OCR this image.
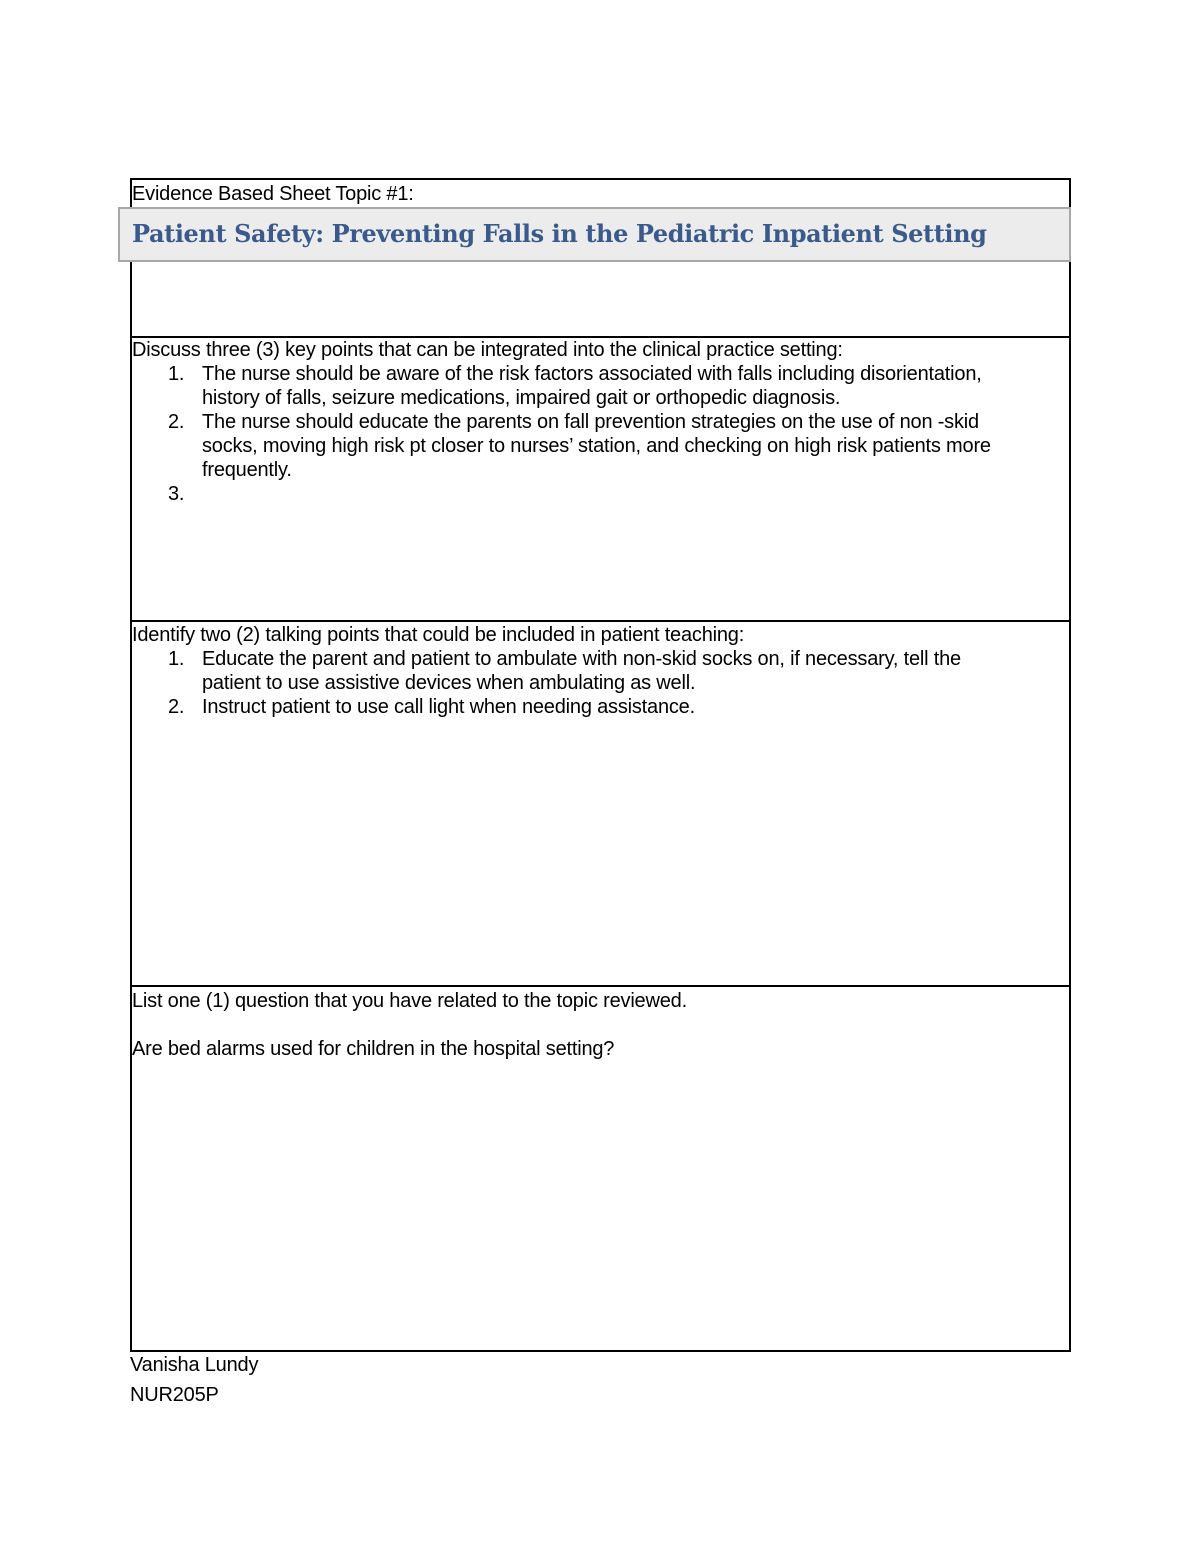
Evidence Based Sheet Topic #1:
Discuss three (3) key points that can be integrated into the clinical practice setting:
1. The nurse should be aware of the risk factors associated with falls including disorientation,
history of falls, seizure medications, impaired gait or orthopedic diagnosis.
2. The nurse should educate the parents on fall prevention strategies on the use of non -skid
socks, moving high risk pt closer to nurses’ station, and checking on high risk patients more
frequently.
3.
Identify two (2) talking points that could be included in patient teaching:
1. Educate the parent and patient to ambulate with non-skid socks on, if necessary, tell the
patient to use assistive devices when ambulating as well.
2. Instruct patient to use call light when needing assistance.
List one (1) question that you have related to the topic reviewed.
Are bed alarms used for children in the hospital setting?
Patient Safety: Preventing Falls in the Pediatric Inpatient Setting
Vanisha Lundy
NUR205P
